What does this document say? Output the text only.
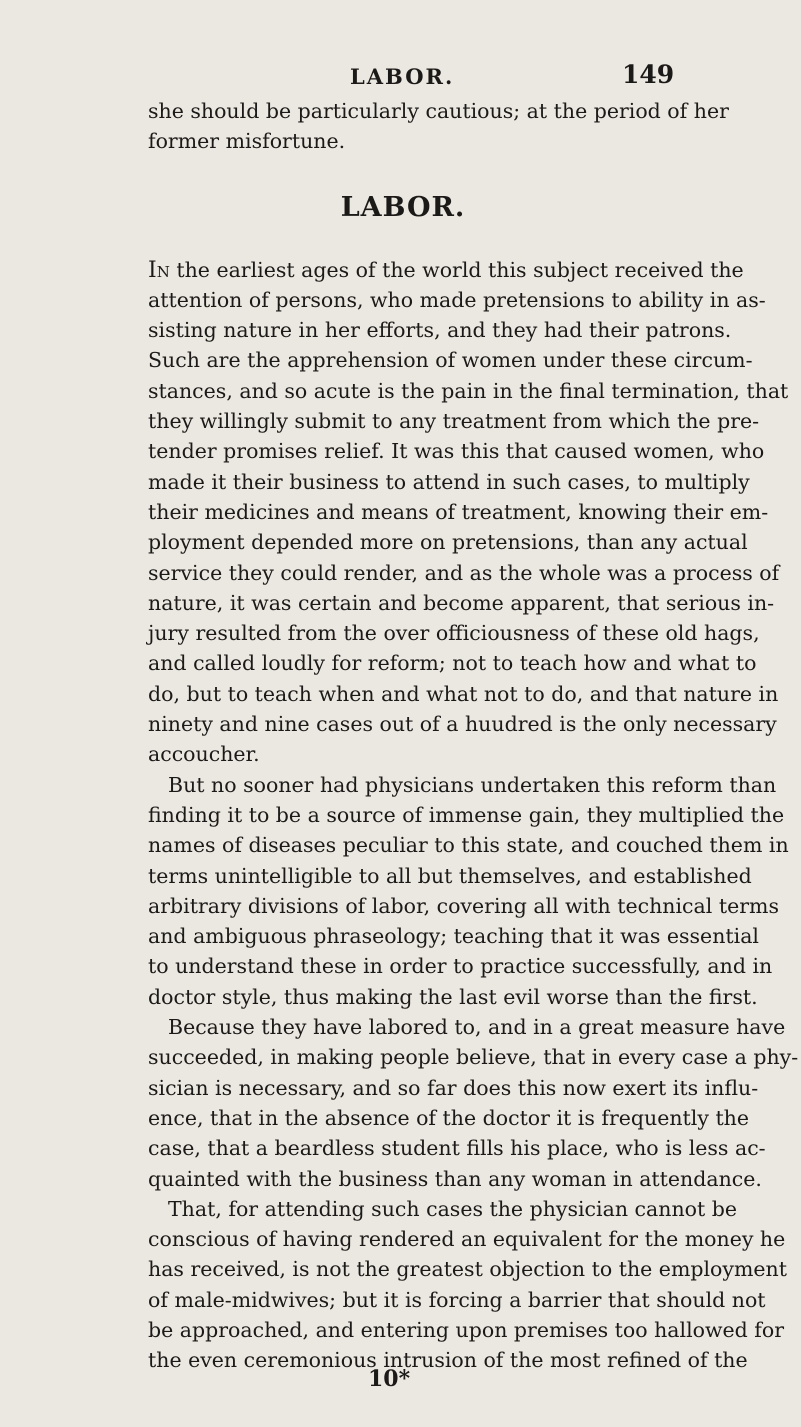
LABOR.	149
she should be particularly cautious; at the period of her
former misfortune.
LABOR.
In the earliest ages of the world this subject received the
attention of persons, who made pretensions to ability in as-
sisting nature in her efforts, and they had their patrons.
Such are the apprehension of women under these circum-
stances, and so acute is the pain in the final termination, that
they willingly submit to any treatment from which the pre-
tender promises relief. It was this that caused women, who
made it their business to attend in such cases, to multiply
their medicines and means of treatment, knowing their em-
ployment depended more on pretensions, than any actual
service they could render, and as the whole was a process of
nature, it was certain and become apparent, that serious in-
jury resulted from the over officiousness of these old hags,
and called loudly for reform; not to teach how and what to
do, but to teach when and what not to do, and that nature in
ninety and nine cases out of a huudred is the only necessary
accoucher.
But no sooner had physicians undertaken this reform than
finding it to be a source of immense gain, they multiplied the
names of diseases peculiar to this state, and couched them in
terms unintelligible to all but themselves, and established
arbitrary divisions of labor, covering all with technical terms
and ambiguous phraseology; teaching that it was essential
to understand these in order to practice successfully, and in
doctor style, thus making the last evil worse than the first.
Because they have labored to, and in a great measure have
succeeded, in making people believe, that in every case a phy-
sician is necessary, and so far does this now exert its influ-
ence, that in the absence of the doctor it is frequently the
case, that a beardless student fills his place, who is less ac-
quainted with the business than any woman in attendance.
That, for attending such cases the physician cannot be
conscious of having rendered an equivalent for the money he
has received, is not the greatest objection to the employment
of male-midwives; but it is forcing a barrier that should not
be approached, and entering upon premises too hallowed for
the even ceremonious intrusion of the most refined of the
10*
